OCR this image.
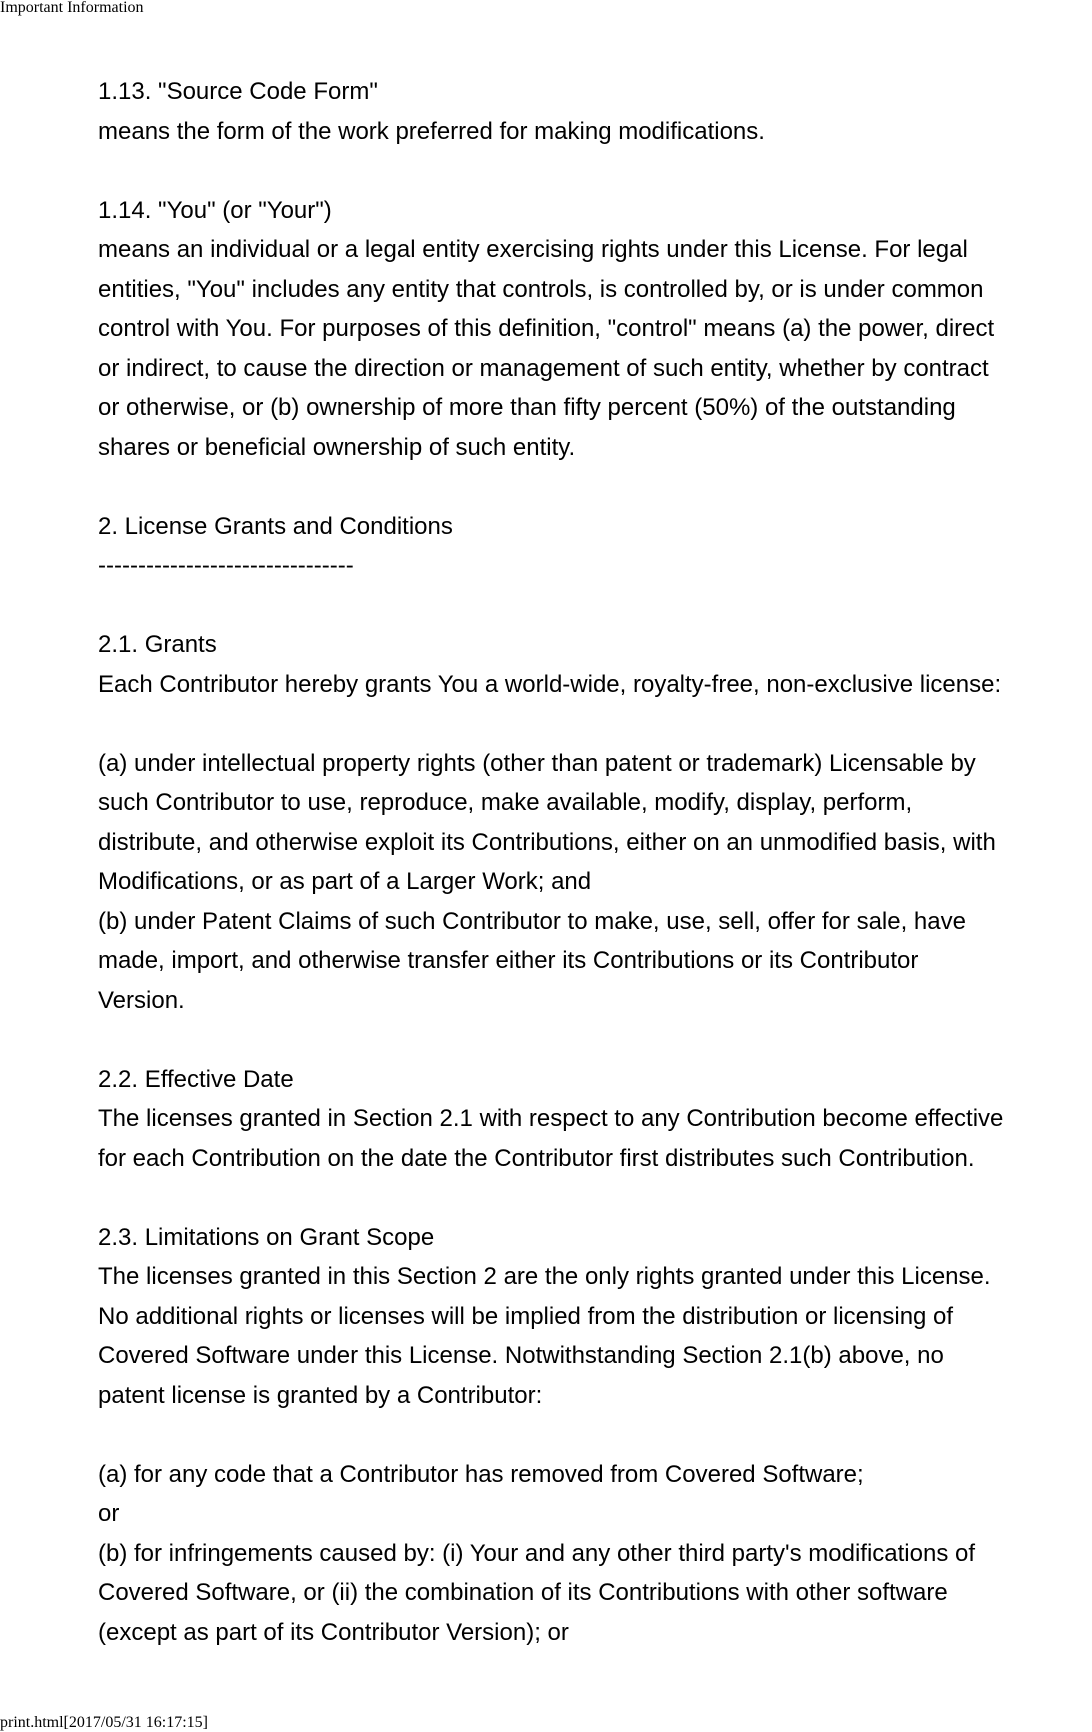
Important Information
1.13. "Source Code Form"
means the form of the work preferred for making modifications.
1.14. "You" (or "Your")
means an individual or a legal entity exercising rights under this License. For legal
entities, "You" includes any entity that controls, is controlled by, or is under common
control with You. For purposes of this definition, "control" means (a) the power, direct
or indirect, to cause the direction or management of such entity, whether by contract
or otherwise, or (b) ownership of more than fifty percent (50%) of the outstanding
shares or beneficial ownership of such entity.
2. License Grants and Conditions
--------------------------------
2.1. Grants
Each Contributor hereby grants You a world-wide, royalty-free, non-exclusive license:
(a) under intellectual property rights (other than patent or trademark) Licensable by
such Contributor to use, reproduce, make available, modify, display, perform,
distribute, and otherwise exploit its Contributions, either on an unmodified basis, with
Modifications, or as part of a Larger Work; and
(b) under Patent Claims of such Contributor to make, use, sell, offer for sale, have
made, import, and otherwise transfer either its Contributions or its Contributor
Version.
2.2. Effective Date
The licenses granted in Section 2.1 with respect to any Contribution become effective
for each Contribution on the date the Contributor first distributes such Contribution.
2.3. Limitations on Grant Scope
The licenses granted in this Section 2 are the only rights granted under this License.
No additional rights or licenses will be implied from the distribution or licensing of
Covered Software under this License. Notwithstanding Section 2.1(b) above, no
patent license is granted by a Contributor:
(a) for any code that a Contributor has removed from Covered Software;
or
(b) for infringements caused by: (i) Your and any other third party's modifications of
Covered Software, or (ii) the combination of its Contributions with other software
(except as part of its Contributor Version); or
print.html[2017/05/31 16:17:15]
